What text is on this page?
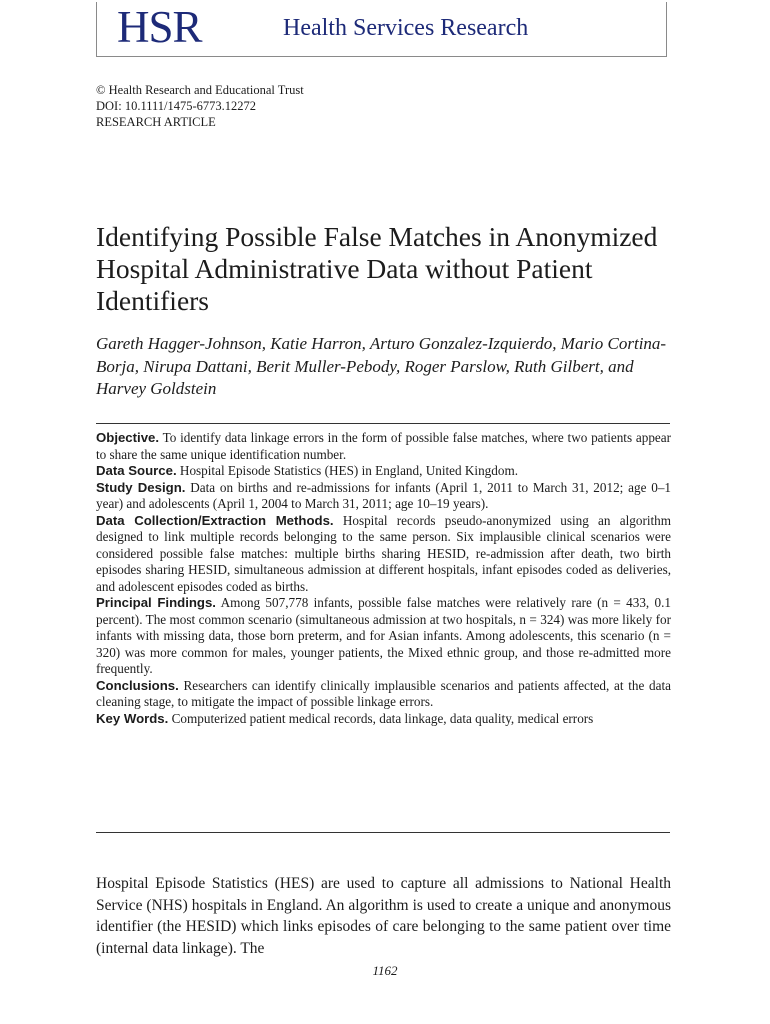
HSR	Health Services Research
© Health Research and Educational Trust
DOI: 10.1111/1475-6773.12272
RESEARCH ARTICLE
Identifying Possible False Matches in Anonymized Hospital Administrative Data without Patient Identifiers
Gareth Hagger-Johnson, Katie Harron, Arturo Gonzalez-Izquierdo, Mario Cortina-Borja, Nirupa Dattani, Berit Muller-Pebody, Roger Parslow, Ruth Gilbert, and Harvey Goldstein

Objective. To identify data linkage errors in the form of possible false matches, where two patients appear to share the same unique identification number.

Data Source. Hospital Episode Statistics (HES) in England, United Kingdom.

Study Design. Data on births and re-admissions for infants (April 1, 2011 to March 31, 2012; age 0–1 year) and adolescents (April 1, 2004 to March 31, 2011; age 10–19 years).

Data Collection/Extraction Methods. Hospital records pseudo-anonymized using an algorithm designed to link multiple records belonging to the same person. Six implausible clinical scenarios were considered possible false matches: multiple births sharing HESID, re-admission after death, two birth episodes sharing HESID, simultaneous admission at different hospitals, infant episodes coded as deliveries, and adolescent episodes coded as births.

Principal Findings. Among 507,778 infants, possible false matches were relatively rare (n = 433, 0.1 percent). The most common scenario (simultaneous admission at two hospitals, n = 324) was more likely for infants with missing data, those born preterm, and for Asian infants. Among adolescents, this scenario (n = 320) was more common for males, younger patients, the Mixed ethnic group, and those re-admitted more frequently.

Conclusions. Researchers can identify clinically implausible scenarios and patients affected, at the data cleaning stage, to mitigate the impact of possible linkage errors.

Key Words. Computerized patient medical records, data linkage, data quality, medical errors

Hospital Episode Statistics (HES) are used to capture all admissions to National Health Service (NHS) hospitals in England. An algorithm is used to create a unique and anonymous identifier (the HESID) which links episodes of care belonging to the same patient over time (internal data linkage). The

1162
